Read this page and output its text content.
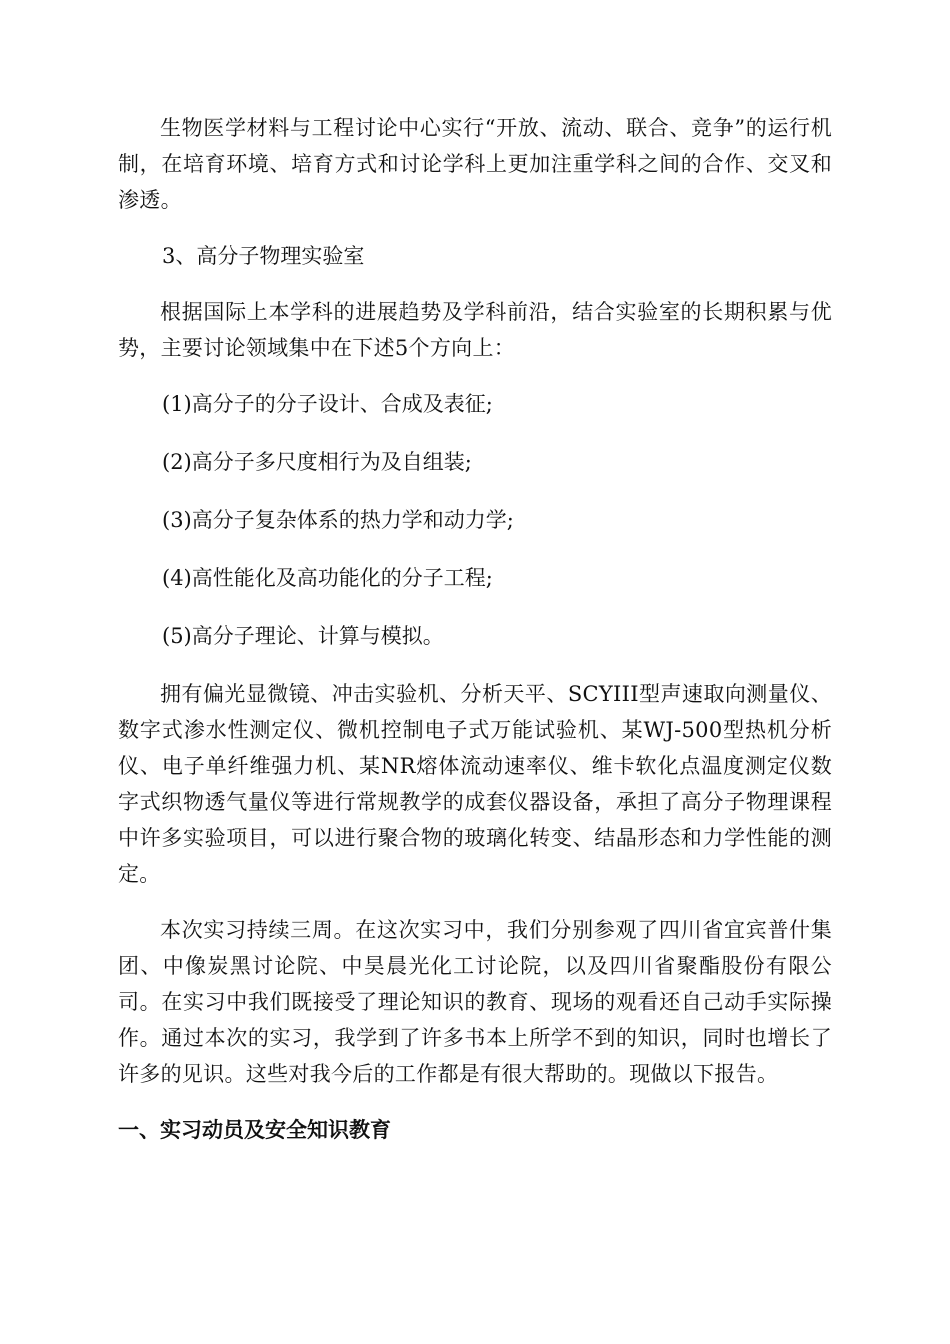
生物医学材料与工程讨论中心实行“开放、流动、联合、竞争”的运行机制，在培育环境、培育方式和讨论学科上更加注重学科之间的合作、交叉和渗透。

3、高分子物理实验室

根据国际上本学科的进展趋势及学科前沿，结合实验室的长期积累与优势，主要讨论领域集中在下述5个方向上：

(1)高分子的分子设计、合成及表征;

(2)高分子多尺度相行为及自组装;

(3)高分子复杂体系的热力学和动力学;

(4)高性能化及高功能化的分子工程;

(5)高分子理论、计算与模拟。

拥有偏光显微镜、冲击实验机、分析天平、SCYIII型声速取向测量仪、数字式渗水性测定仪、微机控制电子式万能试验机、某WJ-500型热机分析仪、电子单纤维强力机、某NR熔体流动速率仪、维卡软化点温度测定仪数字式织物透气量仪等进行常规教学的成套仪器设备，承担了高分子物理课程中许多实验项目，可以进行聚合物的玻璃化转变、结晶形态和力学性能的测定。

本次实习持续三周。在这次实习中，我们分别参观了四川省宜宾普什集团、中像炭黑讨论院、中昊晨光化工讨论院，以及四川省聚酯股份有限公司。在实习中我们既接受了理论知识的教育、现场的观看还自己动手实际操作。通过本次的实习，我学到了许多书本上所学不到的知识，同时也增长了许多的见识。这些对我今后的工作都是有很大帮助的。现做以下报告。

一、实习动员及安全知识教育
